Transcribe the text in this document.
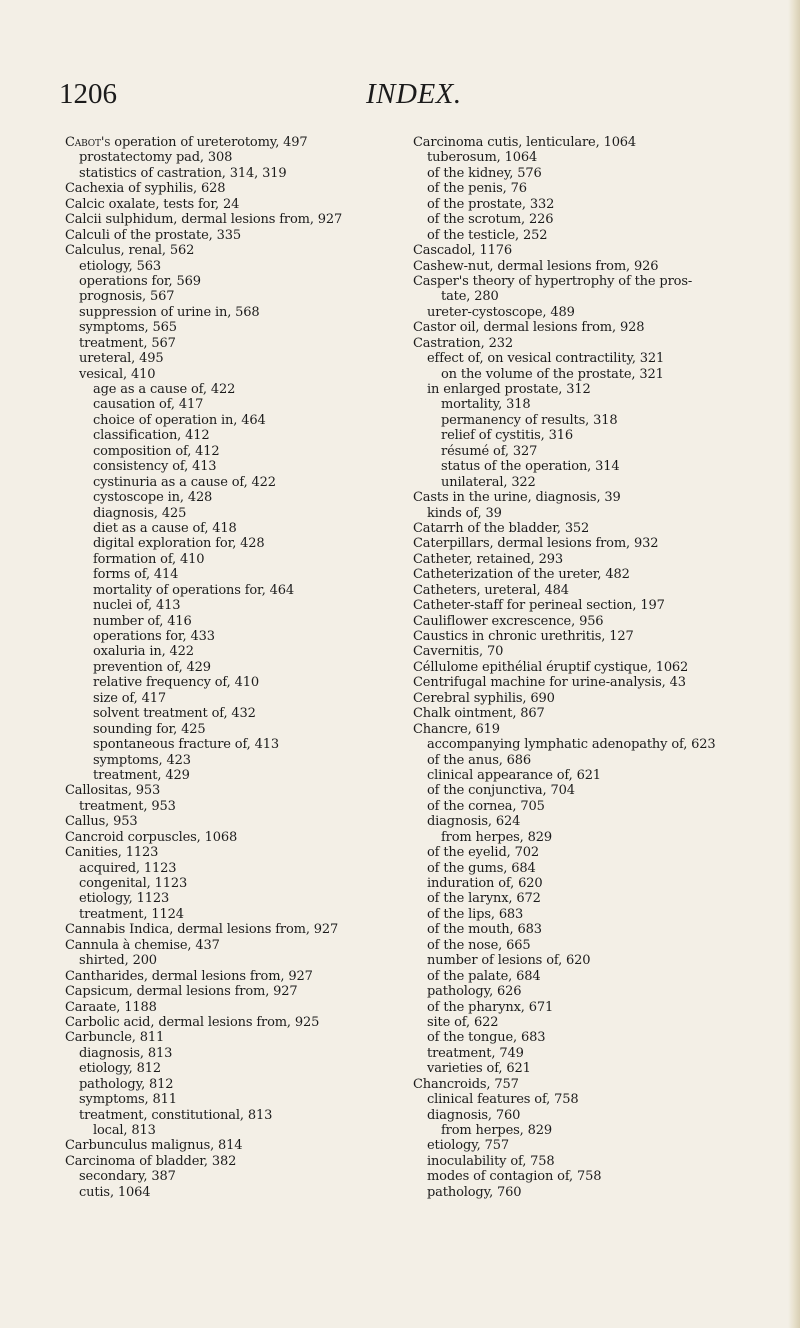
1206	INDEX.
Cabot's operation of ureterotomy, 497
prostatectomy pad, 308
statistics of castration, 314, 319
Cachexia of syphilis, 628
Calcic oxalate, tests for, 24
Calcii sulphidum, dermal lesions from, 927
Calculi of the prostate, 335
Calculus, renal, 562
etiology, 563
operations for, 569
prognosis, 567
suppression of urine in, 568
symptoms, 565
treatment, 567
ureteral, 495
vesical, 410
age as a cause of, 422
causation of, 417
choice of operation in, 464
classification, 412
composition of, 412
consistency of, 413
cystinuria as a cause of, 422
cystoscope in, 428
diagnosis, 425
diet as a cause of, 418
digital exploration for, 428
formation of, 410
forms of, 414
mortality of operations for, 464
nuclei of, 413
number of, 416
operations for, 433
oxaluria in, 422
prevention of, 429
relative frequency of, 410
size of, 417
solvent treatment of, 432
sounding for, 425
spontaneous fracture of, 413
symptoms, 423
treatment, 429
Callositas, 953
treatment, 953
Callus, 953
Cancroid corpuscles, 1068
Canities, 1123
acquired, 1123
congenital, 1123
etiology, 1123
treatment, 1124
Cannabis Indica, dermal lesions from, 927
Cannula à chemise, 437
shirted, 200
Cantharides, dermal lesions from, 927
Capsicum, dermal lesions from, 927
Caraate, 1188
Carbolic acid, dermal lesions from, 925
Carbuncle, 811
diagnosis, 813
etiology, 812
pathology, 812
symptoms, 811
treatment, constitutional, 813
local, 813
Carbunculus malignus, 814
Carcinoma of bladder, 382
secondary, 387
cutis, 1064
Carcinoma cutis, lenticulare, 1064
tuberosum, 1064
of the kidney, 576
of the penis, 76
of the prostate, 332
of the scrotum, 226
of the testicle, 252
Cascadol, 1176
Cashew-nut, dermal lesions from, 926
Casper's theory of hypertrophy of the pros-
tate, 280
ureter-cystoscope, 489
Castor oil, dermal lesions from, 928
Castration, 232
effect of, on vesical contractility, 321
on the volume of the prostate, 321
in enlarged prostate, 312
mortality, 318
permanency of results, 318
relief of cystitis, 316
résumé of, 327
status of the operation, 314
unilateral, 322
Casts in the urine, diagnosis, 39
kinds of, 39
Catarrh of the bladder, 352
Caterpillars, dermal lesions from, 932
Catheter, retained, 293
Catheterization of the ureter, 482
Catheters, ureteral, 484
Catheter-staff for perineal section, 197
Cauliflower excrescence, 956
Caustics in chronic urethritis, 127
Cavernitis, 70
Céllulome epithélial éruptif cystique, 1062
Centrifugal machine for urine-analysis, 43
Cerebral syphilis, 690
Chalk ointment, 867
Chancre, 619
accompanying lymphatic adenopathy of, 623
of the anus, 686
clinical appearance of, 621
of the conjunctiva, 704
of the cornea, 705
diagnosis, 624
from herpes, 829
of the eyelid, 702
of the gums, 684
induration of, 620
of the larynx, 672
of the lips, 683
of the mouth, 683
of the nose, 665
number of lesions of, 620
of the palate, 684
pathology, 626
of the pharynx, 671
site of, 622
of the tongue, 683
treatment, 749
varieties of, 621
Chancroids, 757
clinical features of, 758
diagnosis, 760
from herpes, 829
etiology, 757
inoculability of, 758
modes of contagion of, 758
pathology, 760
